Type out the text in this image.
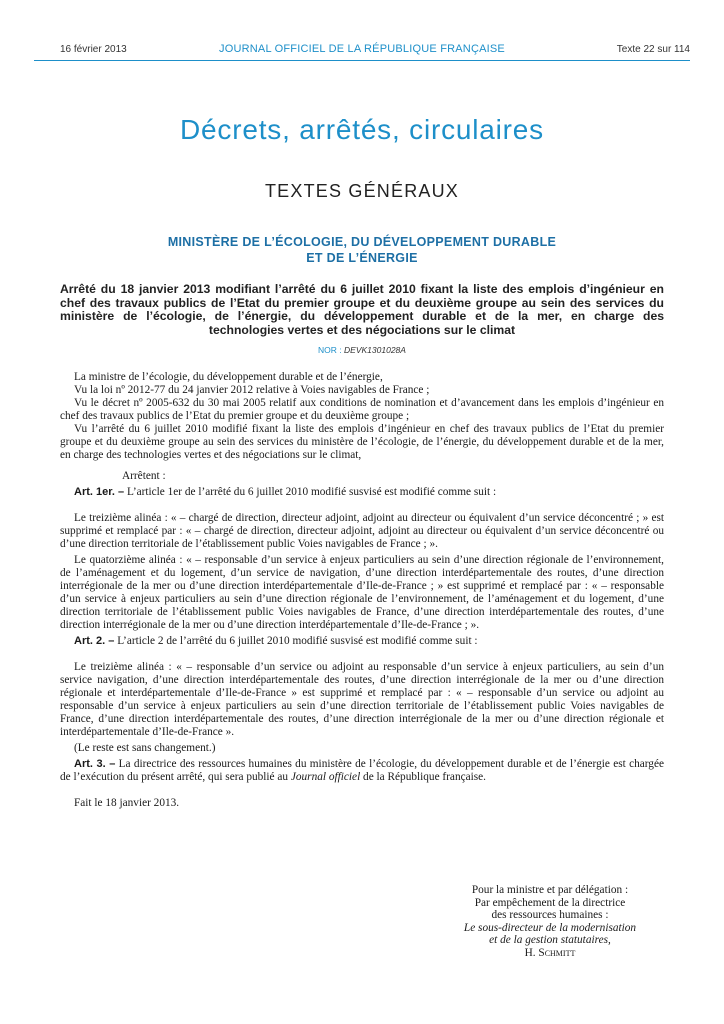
16 février 2013	JOURNAL OFFICIEL DE LA RÉPUBLIQUE FRANÇAISE	Texte 22 sur 114
Décrets, arrêtés, circulaires
TEXTES GÉNÉRAUX
MINISTÈRE DE L’ÉCOLOGIE, DU DÉVELOPPEMENT DURABLE
ET DE L’ÉNERGIE
Arrêté du 18 janvier 2013 modifiant l’arrêté du 6 juillet 2010 fixant la liste des emplois d’ingénieur en chef des travaux publics de l’Etat du premier groupe et du deuxième groupe au sein des services du ministère de l’écologie, de l’énergie, du développement durable et de la mer, en charge des technologies vertes et des négociations sur le climat
NOR : DEVK1301028A

La ministre de l’écologie, du développement durable et de l’énergie,

Vu la loi nº 2012-77 du 24 janvier 2012 relative à Voies navigables de France ;

Vu le décret nº 2005-632 du 30 mai 2005 relatif aux conditions de nomination et d’avancement dans les emplois d’ingénieur en chef des travaux publics de l’Etat du premier groupe et du deuxième groupe ;

Vu l’arrêté du 6 juillet 2010 modifié fixant la liste des emplois d’ingénieur en chef des travaux publics de l’Etat du premier groupe et du deuxième groupe au sein des services du ministère de l’écologie, de l’énergie, du développement durable et de la mer, en charge des technologies vertes et des négociations sur le climat,

Arrêtent :

Art. 1er. – L’article 1er de l’arrêté du 6 juillet 2010 modifié susvisé est modifié comme suit :

Le treizième alinéa : « – chargé de direction, directeur adjoint, adjoint au directeur ou équivalent d’un service déconcentré ; » est supprimé et remplacé par : « – chargé de direction, directeur adjoint, adjoint au directeur ou équivalent d’un service déconcentré ou d’une direction territoriale de l’établissement public Voies navigables de France ; ».

Le quatorzième alinéa : « – responsable d’un service à enjeux particuliers au sein d’une direction régionale de l’environnement, de l’aménagement et du logement, d’un service de navigation, d’une direction interdépartementale des routes, d’une direction interrégionale de la mer ou d’une direction interdépartementale d’Ile-de-France ; » est supprimé et remplacé par : « – responsable d’un service à enjeux particuliers au sein d’une direction régionale de l’environnement, de l’aménagement et du logement, d’une direction territoriale de l’établissement public Voies navigables de France, d’une direction interdépartementale des routes, d’une direction interrégionale de la mer ou d’une direction interdépartementale d’Ile-de-France ; ».

Art. 2. – L’article 2 de l’arrêté du 6 juillet 2010 modifié susvisé est modifié comme suit :

Le treizième alinéa : « – responsable d’un service ou adjoint au responsable d’un service à enjeux particuliers, au sein d’un service navigation, d’une direction interdépartementale des routes, d’une direction interrégionale de la mer ou d’une direction régionale et interdépartementale d’Ile-de-France » est supprimé et remplacé par : « – responsable d’un service ou adjoint au responsable d’un service à enjeux particuliers au sein d’une direction territoriale de l’établissement public Voies navigables de France, d’une direction interdépartementale des routes, d’une direction interrégionale de la mer ou d’une direction régionale et interdépartementale d’Ile-de-France ».

(Le reste est sans changement.)

Art. 3. – La directrice des ressources humaines du ministère de l’écologie, du développement durable et de l’énergie est chargée de l’exécution du présent arrêté, qui sera publié au Journal officiel de la République française.

Fait le 18 janvier 2013.

Pour la ministre et par délégation :
Par empêchement de la directrice
des ressources humaines :
Le sous-directeur de la modernisation
et de la gestion statutaires,
H. Schmitt
